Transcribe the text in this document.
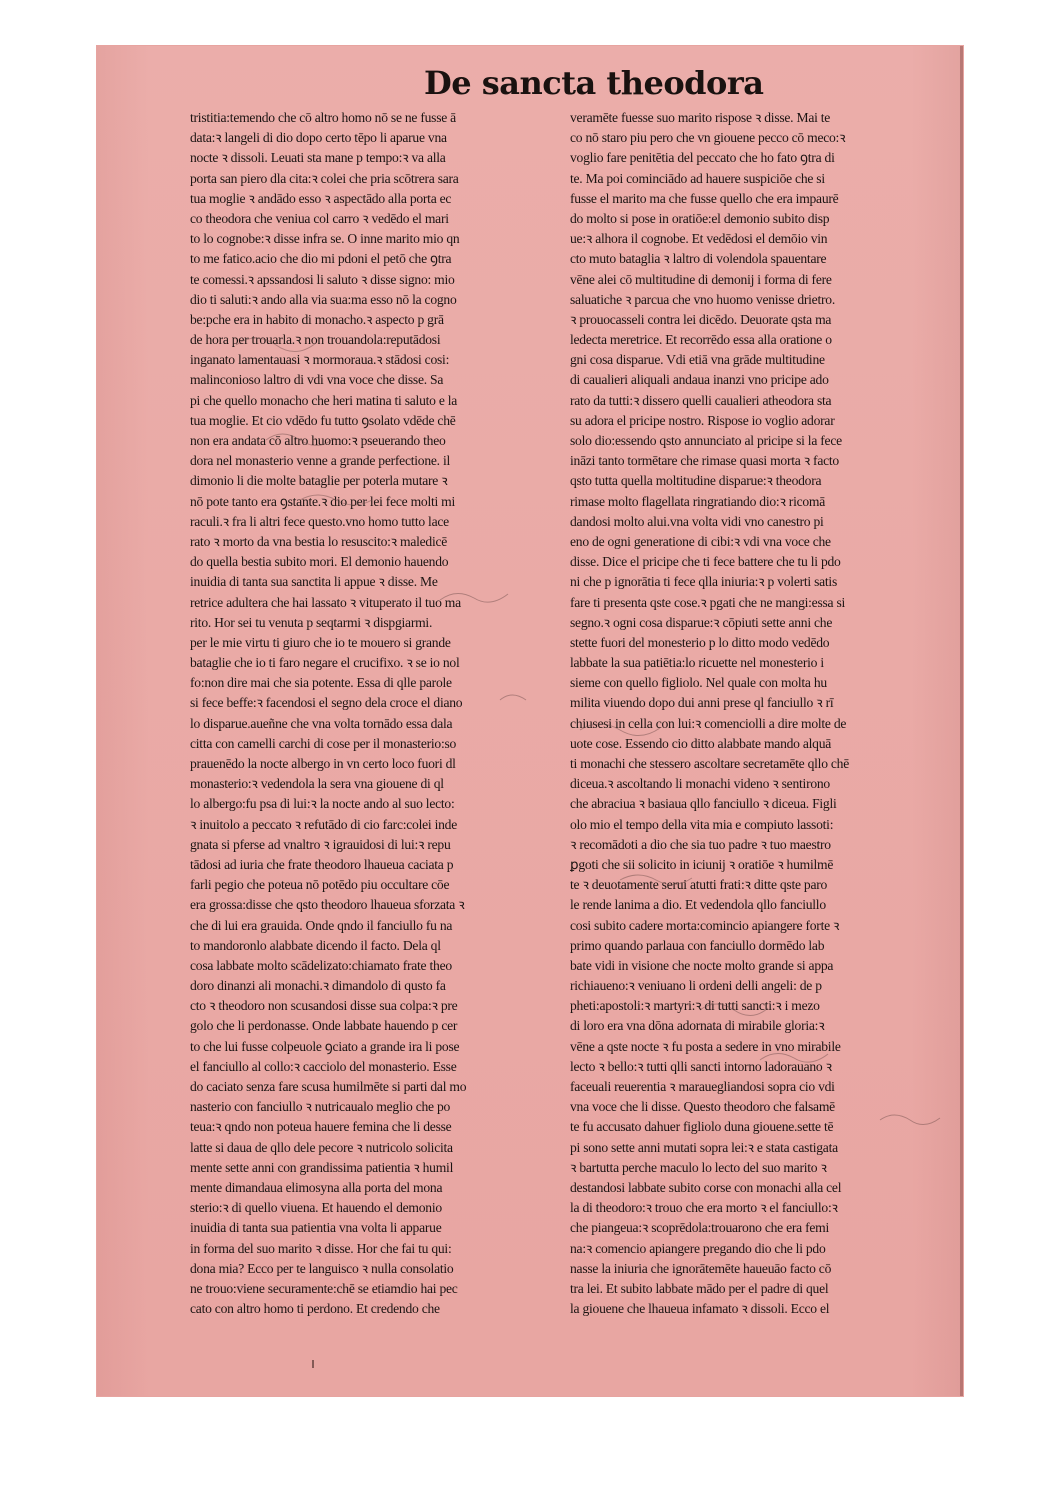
De sancta theodora
tristitia:temendo che cō altro homo nō se ne fusse ā
data:ꝛ langeli di dio dopo certo tēpo li aparue vna
nocte ꝛ dissoli. Leuati sta mane p tempo:ꝛ va alla
porta san piero dla cita:ꝛ colei che pria scōtrera sara
tua moglie ꝛ andādo esso ꝛ aspectādo alla porta ec
co theodora che veniua col carro ꝛ vedēdo el mari
to lo cognobe:ꝛ disse infra se. O inne marito mio qn
to me fatico.acio che dio mi pdoni el petō che ꝯtra
te comessi.ꝛ apssandosi li saluto ꝛ disse signo: mio
dio ti saluti:ꝛ ando alla via sua:ma esso nō la cogno
be:pche era in habito di monacho.ꝛ aspecto p grā
de hora per trouarla.ꝛ non trouandola:reputādosi
inganato lamentauasi ꝛ mormoraua.ꝛ stādosi cosi:
malinconioso laltro di vdi vna voce che disse. Sa
pi che quello monacho che heri matina ti saluto e la
tua moglie. Et cio vdēdo fu tutto ꝯsolato vdēde chē
non era andata cō altro huomo:ꝛ pseuerando theo
dora nel monasterio venne a grande perfectione. il
dimonio li die molte bataglie per poterla mutare ꝛ
nō pote tanto era ꝯstante.ꝛ dio per lei fece molti mi
raculi.ꝛ fra li altri fece questo.vno homo tutto lace
rato ꝛ morto da vna bestia lo resuscito:ꝛ maledicē
do quella bestia subito mori. El demonio hauendo
inuidia di tanta sua sanctita li appue ꝛ disse. Me
retrice adultera che hai lassato ꝛ vituperato il tuo ma
rito. Hor sei tu venuta p seqtarmi ꝛ dispgiarmi.
per le mie virtu ti giuro che io te mouero si grande
bataglie che io ti faro negare el crucifixo. ꝛ se io nol
fo:non dire mai che sia potente. Essa di qlle parole
si fece beffe:ꝛ facendosi el segno dela croce el diano
lo disparue.aueñne che vna volta tornādo essa dala
citta con camelli carchi di cose per il monasterio:so
prauenēdo la nocte albergo in vn certo loco fuori dl
monasterio:ꝛ vedendola la sera vna giouene di ql
lo albergo:fu psa di lui:ꝛ la nocte ando al suo lecto:
ꝛ inuitolo a peccato ꝛ refutādo di cio farc:colei inde
gnata si pferse ad vnaltro ꝛ igrauidosi di lui:ꝛ repu
tādosi ad iuria che frate theodoro lhaueua caciata p
farli pegio che poteua nō potēdo piu occultare cōe
era grossa:disse che qsto theodoro lhaueua sforzata ꝛ
che di lui era grauida. Onde qndo il fanciullo fu na
to mandoronlo alabbate dicendo il facto. Dela ql
cosa labbate molto scādelizato:chiamato frate theo
doro dinanzi ali monachi.ꝛ dimandolo di qusto fa
cto ꝛ theodoro non scusandosi disse sua colpa:ꝛ pre
golo che li perdonasse. Onde labbate hauendo p cer
to che lui fusse colpeuole ꝯciato a grande ira li pose
el fanciullo al collo:ꝛ cacciolo del monasterio. Esse
do caciato senza fare scusa humilmēte si parti dal mo
nasterio con fanciullo ꝛ nutricaualo meglio che po
teua:ꝛ qndo non poteua hauere femina che li desse
latte si daua de qllo dele pecore ꝛ nutricolo solicita
mente sette anni con grandissima patientia ꝛ humil
mente dimandaua elimosyna alla porta del mona
sterio:ꝛ di quello viuena. Et hauendo el demonio
inuidia di tanta sua patientia vna volta li apparue
in forma del suo marito ꝛ disse. Hor che fai tu qui:
dona mia? Ecco per te languisco ꝛ nulla consolatio
ne trouo:viene securamente:chē se etiamdio hai pec
cato con altro homo ti perdono. Et credendo che
veramēte fuesse suo marito rispose ꝛ disse. Mai te
co nō staro piu pero che vn giouene pecco cō meco:ꝛ
voglio fare penitētia del peccato che ho fato ꝯtra di
te. Ma poi cominciādo ad hauere suspiciōe che si
fusse el marito ma che fusse quello che era impaurē
do molto si pose in oratiōe:el demonio subito disp
ue:ꝛ alhora il cognobe. Et vedēdosi el demōio vin
cto muto bataglia ꝛ laltro di volendola spauentare
vēne alei cō multitudine di demonij i forma di fere
saluatiche ꝛ parcua che vno huomo venisse drietro.
ꝛ prouocasseli contra lei dicēdo. Deuorate qsta ma
ledecta meretrice. Et recorrēdo essa alla oratione o
gni cosa disparue. Vdi etiā vna grāde multitudine
di caualieri aliquali andaua inanzi vno pricipe ado
rato da tutti:ꝛ dissero quelli caualieri atheodora sta
su adora el pricipe nostro. Rispose io voglio adorar
solo dio:essendo qsto annunciato al pricipe si la fece
ināzi tanto tormētare che rimase quasi morta ꝛ facto
qsto tutta quella moltitudine disparue:ꝛ theodora
rimase molto flagellata ringratiando dio:ꝛ ricomā
dandosi molto alui.vna volta vidi vno canestro pi
eno de ogni generatione di cibi:ꝛ vdi vna voce che
disse. Dice el pricipe che ti fece battere che tu li pdo
ni che p ignorātia ti fece qlla iniuria:ꝛ p volerti satis
fare ti presenta qste cose.ꝛ pgati che ne mangi:essa si
segno.ꝛ ogni cosa disparue:ꝛ cōpiuti sette anni che
stette fuori del monesterio p lo ditto modo vedēdo
labbate la sua patiētia:lo ricuette nel monesterio i
sieme con quello figliolo. Nel quale con molta hu
milita viuendo dopo dui anni prese ql fanciullo ꝛ rī
chiusesi in cella con lui:ꝛ comenciolli a dire molte de
uote cose. Essendo cio ditto alabbate mando alquā
ti monachi che stessero ascoltare secretamēte qllo chē
diceua.ꝛ ascoltando li monachi videno ꝛ sentirono
che abraciua ꝛ basiaua qllo fanciullo ꝛ diceua. Figli
olo mio el tempo della vita mia e compiuto lassoti:
ꝛ recomādoti a dio che sia tuo padre ꝛ tuo maestro
ꝑgoti che sii solicito in iciunij ꝛ oratiōe ꝛ humilmē
te ꝛ deuotamente serui atutti frati:ꝛ ditte qste paro
le rende lanima a dio. Et vedendola qllo fanciullo
cosi subito cadere morta:comincio apiangere forte ꝛ
primo quando parlaua con fanciullo dormēdo lab
bate vidi in visione che nocte molto grande si appa
richiaueno:ꝛ veniuano li ordeni delli angeli: de p
pheti:apostoli:ꝛ martyri:ꝛ di tutti sancti:ꝛ i mezo
di loro era vna dōna adornata di mirabile gloria:ꝛ
vēne a qste nocte ꝛ fu posta a sedere in vno mirabile
lecto ꝛ bello:ꝛ tutti qlli sancti intorno ladorauano ꝛ
faceuali reuerentia ꝛ marauegliandosi sopra cio vdi
vna voce che li disse. Questo theodoro che falsamē
te fu accusato dahuer figliolo duna giouene.sette tē
pi sono sette anni mutati sopra lei:ꝛ e stata castigata
ꝛ bartutta perche maculo lo lecto del suo marito ꝛ
destandosi labbate subito corse con monachi alla cel
la di theodoro:ꝛ trouo che era morto ꝛ el fanciullo:ꝛ
che piangeua:ꝛ scoprēdola:trouarono che era femi
na:ꝛ comencio apiangere pregando dio che li pdo
nasse la iniuria che ignorātemēte haueuāo facto cō
tra lei. Et subito labbate mādo per el padre di quel
la giouene che lhaueua infamato ꝛ dissoli. Ecco el
